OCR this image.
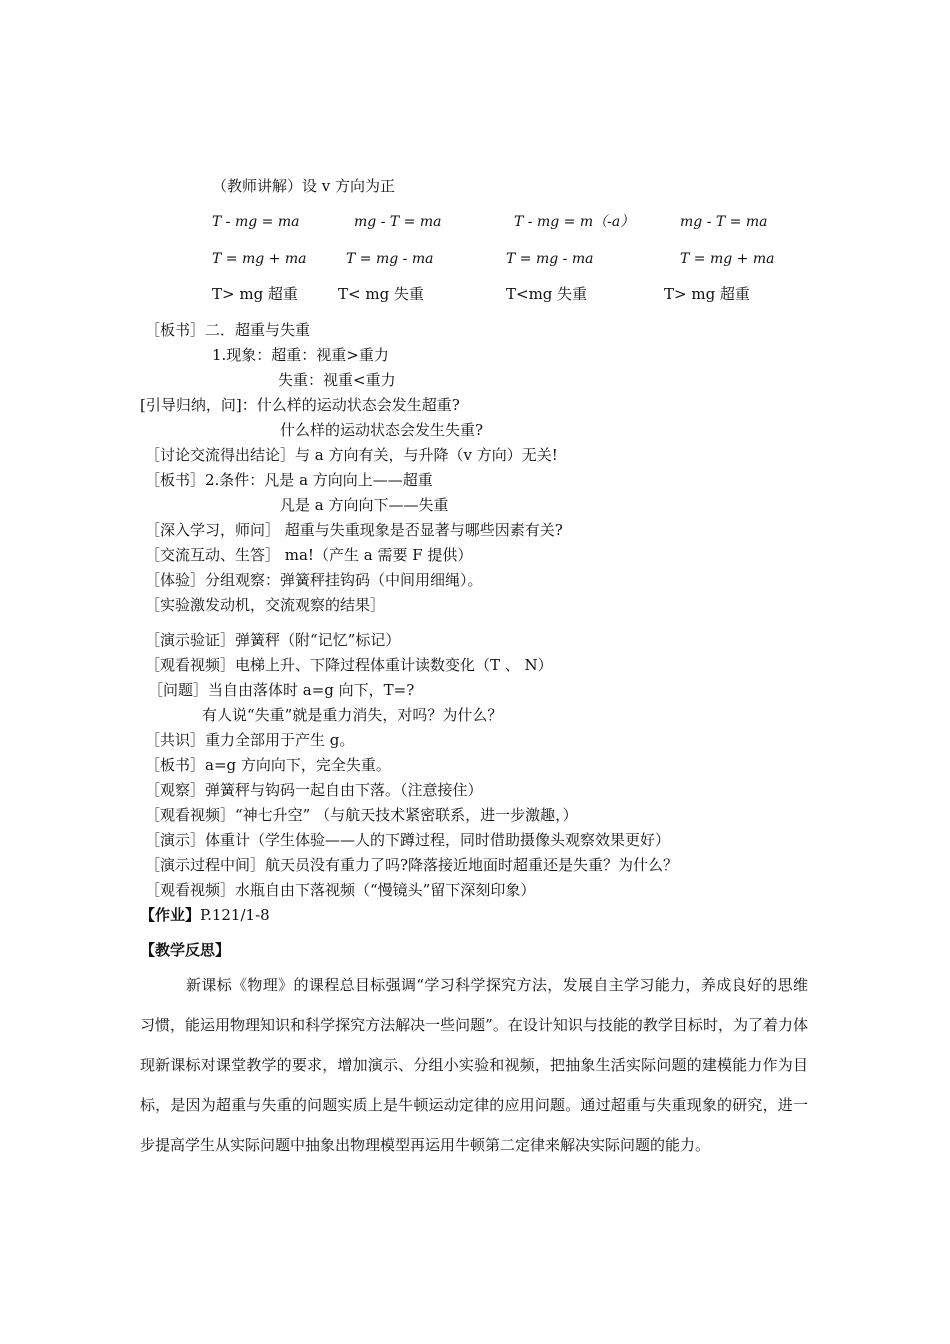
（教师讲解）设 v 方向为正
T - mg = ma	mg - T = ma	T - mg = m（-a）	mg - T = ma
T = mg + ma	T = mg - ma	T = mg - ma	T = mg + ma
T> mg 超重	T< mg 失重	T<mg 失重	T> mg 超重
［板书］二．超重与失重
1.现象：超重：视重>重力
失重：视重<重力
[引导归纳，问]：什么样的运动状态会发生超重?
什么样的运动状态会发生失重?
［讨论交流得出结论］与 a 方向有关，与升降（v 方向）无关!
［板书］2.条件：凡是 a 方向向上——超重
凡是 a 方向向下——失重
［深入学习，师问］ 超重与失重现象是否显著与哪些因素有关?
［交流互动、生答］ ma!（产生 a 需要 F 提供）
［体验］分组观察：弹簧秤挂钩码（中间用细绳）。
［实验激发动机，交流观察的结果］
［演示验证］弹簧秤（附“记忆”标记）
［观看视频］电梯上升、下降过程体重计读数变化（T 、 N）
［问题］当自由落体时 a=g 向下，T=?
有人说“失重”就是重力消失，对吗？为什么？
［共识］重力全部用于产生 g。
［板书］a=g 方向向下，完全失重。
［观察］弹簧秤与钩码一起自由下落。（注意接住）
［观看视频］“神七升空” （与航天技术紧密联系，进一步激趣，）
［演示］体重计（学生体验——人的下蹲过程，同时借助摄像头观察效果更好）
［演示过程中间］航天员没有重力了吗?降落接近地面时超重还是失重？为什么？
［观看视频］水瓶自由下落视频（“慢镜头”留下深刻印象）
【作业】P.121/1-8
【教学反思】
新课标《物理》的课程总目标强调“学习科学探究方法，发展自主学习能力，养成良好的思维习惯，能运用物理知识和科学探究方法解决一些问题”。在设计知识与技能的教学目标时，为了着力体现新课标对课堂教学的要求，增加演示、分组小实验和视频，把抽象生活实际问题的建模能力作为目标，是因为超重与失重的问题实质上是牛顿运动定律的应用问题。通过超重与失重现象的研究，进一步提高学生从实际问题中抽象出物理模型再运用牛顿第二定律来解决实际问题的能力。
